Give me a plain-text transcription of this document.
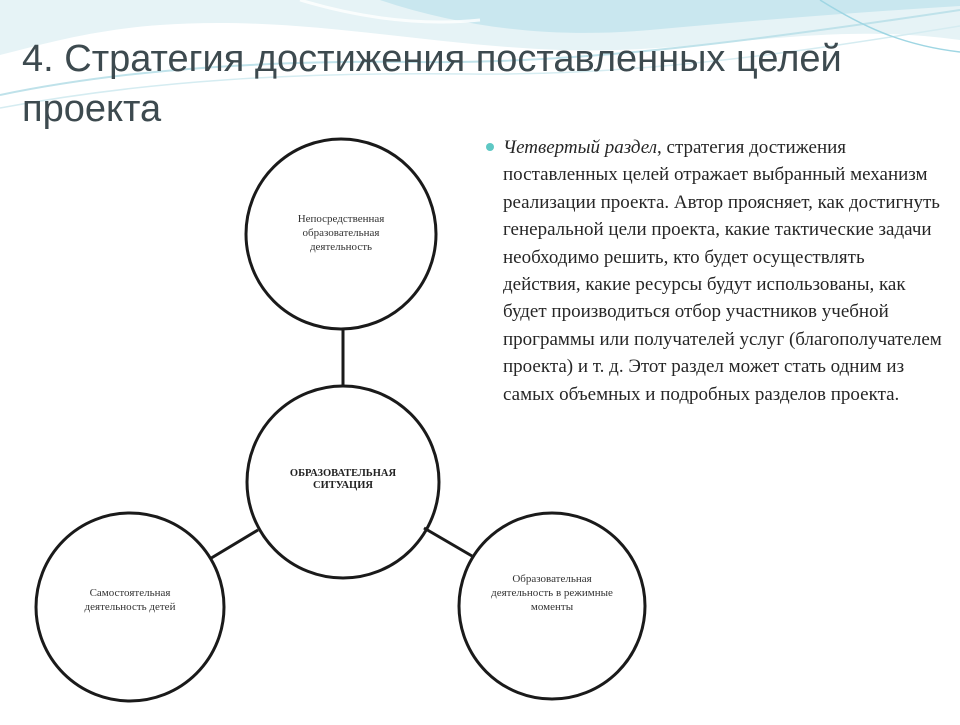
4. Стратегия достижения поставленных целей проекта
Непосредственная образовательная деятельность
ОБРАЗОВАТЕЛЬНАЯ СИТУАЦИЯ
Самостоятельная деятельность детей
Образовательная деятельность в режимные моменты
Четвертый раздел, стратегия достижения поставленных целей отражает выбранный механизм реализации проекта. Автор проясняет, как достигнуть генеральной цели проекта, какие тактические задачи необходимо решить, кто будет осуществлять действия, какие ресурсы будут использованы, как будет производиться отбор участников учебной программы или получателей услуг (благополучателем проекта) и т. д. Этот раздел может стать одним из самых объемных и подробных разделов проекта.
